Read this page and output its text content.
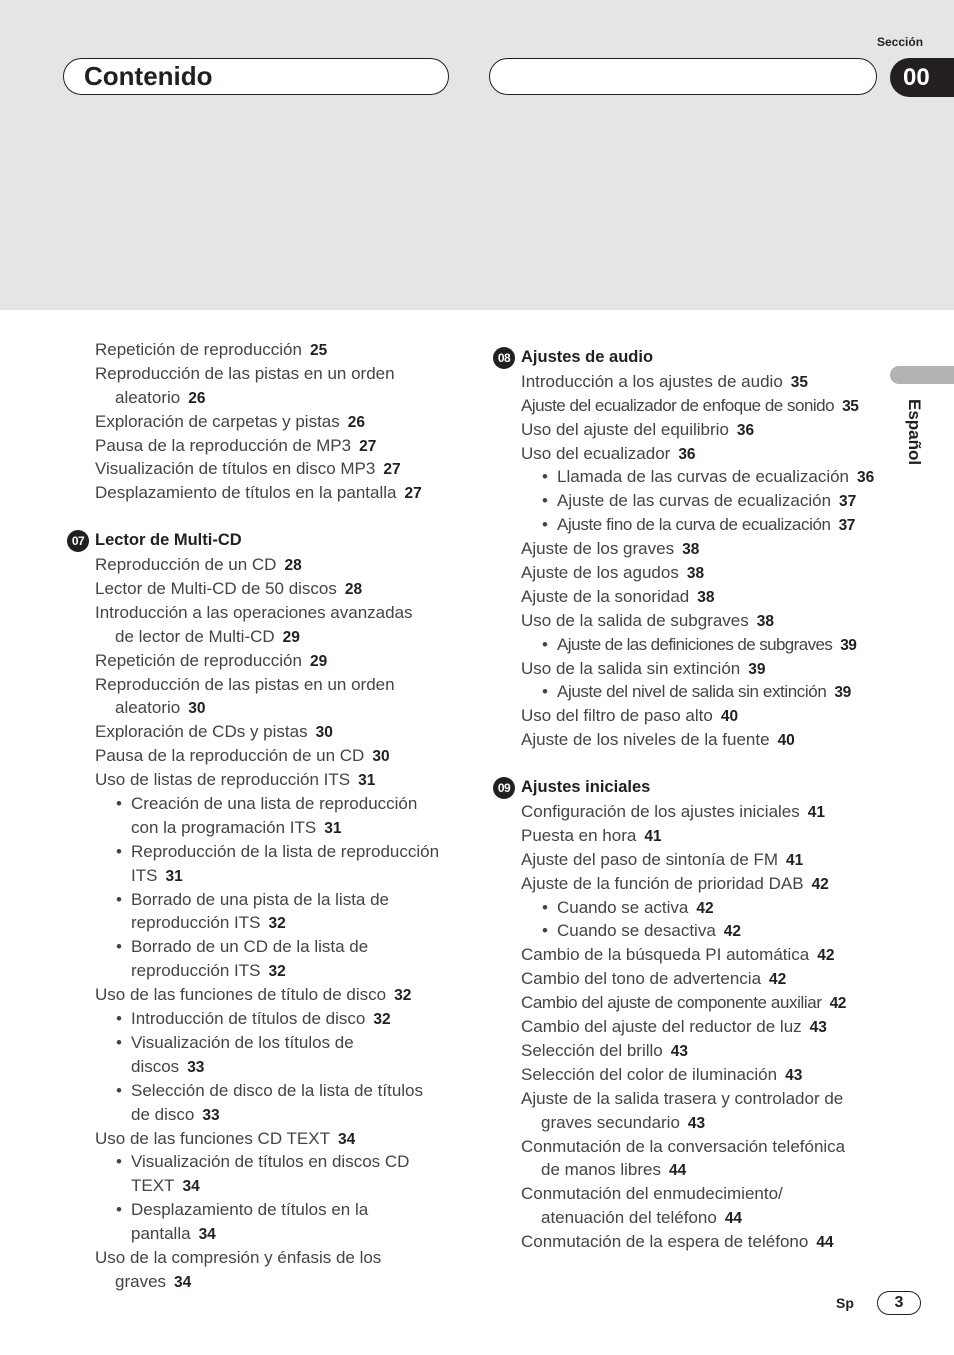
Contenido
Sección
00
Español
Repetición de reproducción 25
Reproducción de las pistas en un orden
aleatorio 26
Exploración de carpetas y pistas 26
Pausa de la reproducción de MP3 27
Visualización de títulos en disco MP3 27
Desplazamiento de títulos en la pantalla 27
07 Lector de Multi-CD
Reproducción de un CD 28
Lector de Multi-CD de 50 discos 28
Introducción a las operaciones avanzadas
de lector de Multi-CD 29
Repetición de reproducción 29
Reproducción de las pistas en un orden
aleatorio 30
Exploración de CDs y pistas 30
Pausa de la reproducción de un CD 30
Uso de listas de reproducción ITS 31
• Creación de una lista de reproducción
con la programación ITS 31
• Reproducción de la lista de reproducción
ITS 31
• Borrado de una pista de la lista de
reproducción ITS 32
• Borrado de un CD de la lista de
reproducción ITS 32
Uso de las funciones de título de disco 32
• Introducción de títulos de disco 32
• Visualización de los títulos de
discos 33
• Selección de disco de la lista de títulos
de disco 33
Uso de las funciones CD TEXT 34
• Visualización de títulos en discos CD
TEXT 34
• Desplazamiento de títulos en la
pantalla 34
Uso de la compresión y énfasis de los
graves 34
08 Ajustes de audio
Introducción a los ajustes de audio 35
Ajuste del ecualizador de enfoque de sonido 35
Uso del ajuste del equilibrio 36
Uso del ecualizador 36
• Llamada de las curvas de ecualización 36
• Ajuste de las curvas de ecualización 37
• Ajuste fino de la curva de ecualización 37
Ajuste de los graves 38
Ajuste de los agudos 38
Ajuste de la sonoridad 38
Uso de la salida de subgraves 38
• Ajuste de las definiciones de subgraves 39
Uso de la salida sin extinción 39
• Ajuste del nivel de salida sin extinción 39
Uso del filtro de paso alto 40
Ajuste de los niveles de la fuente 40
09 Ajustes iniciales
Configuración de los ajustes iniciales 41
Puesta en hora 41
Ajuste del paso de sintonía de FM 41
Ajuste de la función de prioridad DAB 42
• Cuando se activa 42
• Cuando se desactiva 42
Cambio de la búsqueda PI automática 42
Cambio del tono de advertencia 42
Cambio del ajuste de componente auxiliar 42
Cambio del ajuste del reductor de luz 43
Selección del brillo 43
Selección del color de iluminación 43
Ajuste de la salida trasera y controlador de
graves secundario 43
Conmutación de la conversación telefónica
de manos libres 44
Conmutación del enmudecimiento/
atenuación del teléfono 44
Conmutación de la espera de teléfono 44
Sp	3
